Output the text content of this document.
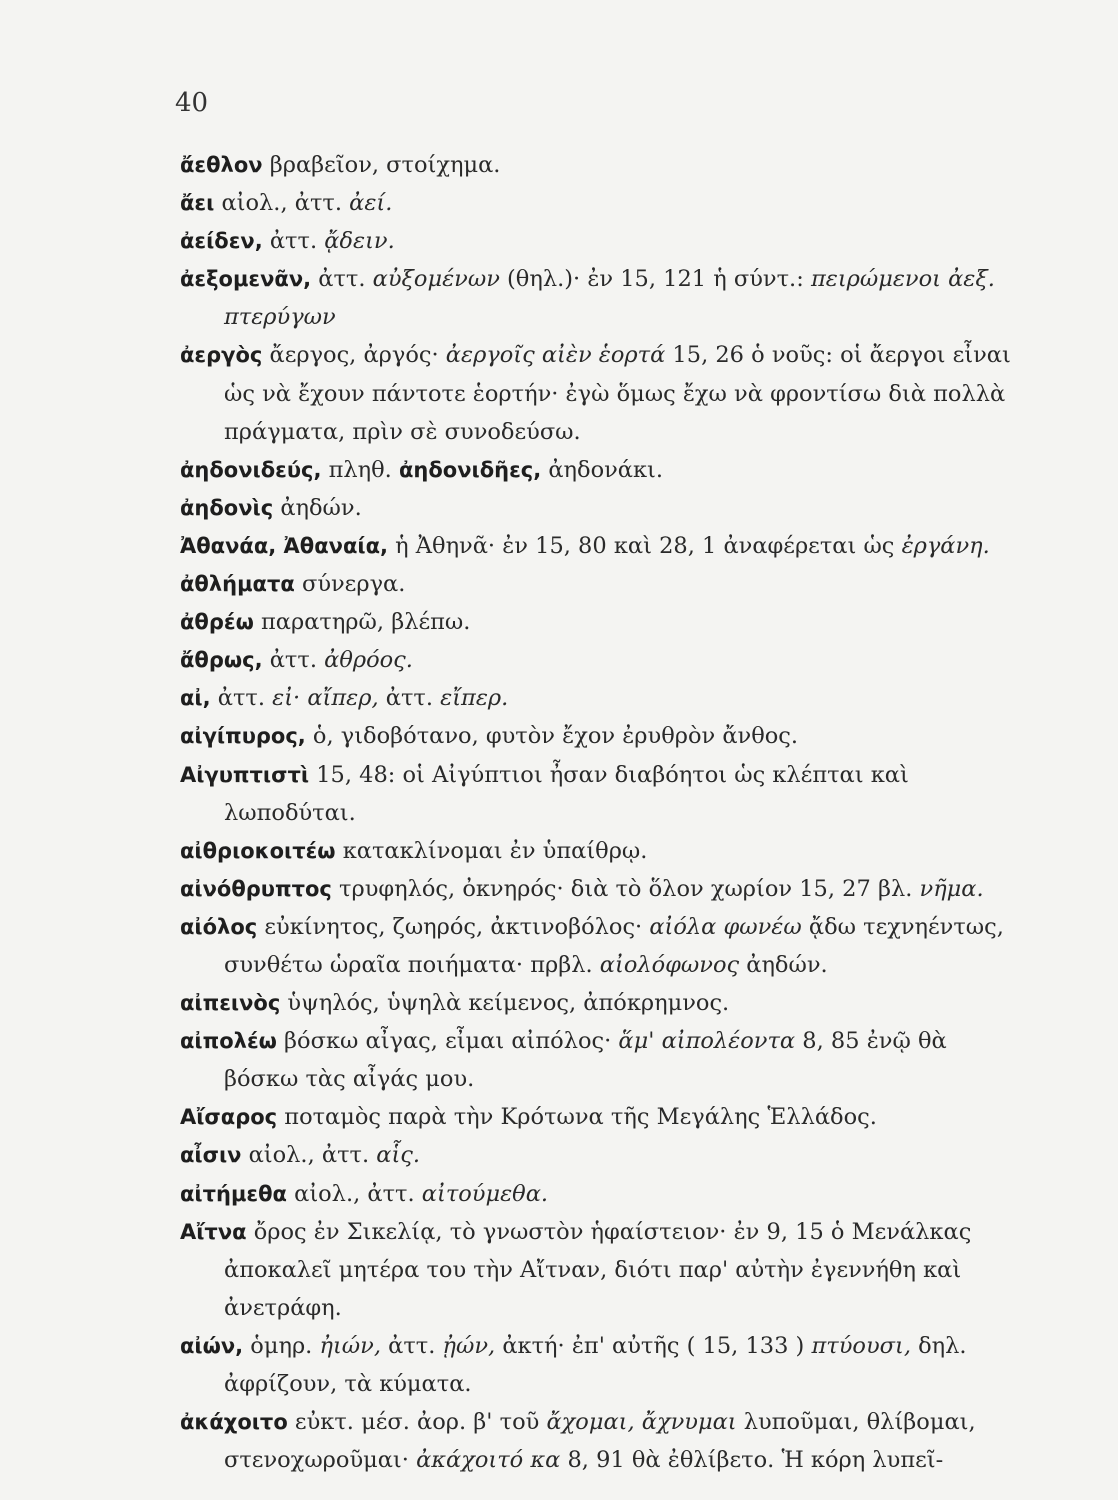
40

ἄεθλον βραβεῖον, στοίχημα.

ἄει αἰολ., ἀττ. ἀεί.

ἀείδεν, ἀττ. ᾄδειν.

ἀεξομενᾶν, ἀττ. αὐξομένων (θηλ.)· ἐν 15, 121 ἡ σύντ.: πειρώμενοι ἀεξ. πτερύγων

ἀεργὸς ἄεργος, ἀργός· ἀεργοῖς αἰὲν ἑορτά 15, 26 ὁ νοῦς: οἱ ἄεργοι εἶναι ὡς νὰ ἔχουν πάντοτε ἑορτήν· ἐγὼ ὅμως ἔχω νὰ φροντίσω διὰ πολλὰ πράγματα, πρὶν σὲ συνοδεύσω.

ἀηδονιδεύς, πληθ. ἀηδονιδῆες, ἀηδονάκι.

ἀηδονὶς ἀηδών.

Ἀθανάα, Ἀθαναία, ἡ Ἀθηνᾶ· ἐν 15, 80 καὶ 28, 1 ἀναφέρεται ὡς ἐργάνη.

ἀθλήματα σύνεργα.

ἀθρέω παρατηρῶ, βλέπω.

ἄθρως, ἀττ. ἀθρόος.

αἰ, ἀττ. εἰ· αἴπερ, ἀττ. εἴπερ.

αἰγίπυρος, ὁ, γιδοβότανο, φυτὸν ἔχον ἐρυθρὸν ἄνθος.

Αἰγυπτιστὶ 15, 48: οἱ Αἰγύπτιοι ἦσαν διαβόητοι ὡς κλέπται καὶ λωποδύται.

αἰθριοκοιτέω κατακλίνομαι ἐν ὑπαίθρῳ.

αἰνόθρυπτος τρυφηλός, ὀκνηρός· διὰ τὸ ὅλον χωρίον 15, 27 βλ. νῆμα.

αἰόλος εὐκίνητος, ζωηρός, ἀκτινοβόλος· αἰόλα φωνέω ᾄδω τεχνηέντως, συνθέτω ὡραῖα ποιήματα· πρβλ. αἰολόφωνος ἀηδών.

αἰπεινὸς ὑψηλός, ὑψηλὰ κείμενος, ἀπόκρημνος.

αἰπολέω βόσκω αἶγας, εἶμαι αἰπόλος· ἅμ' αἰπολέοντα 8, 85 ἐνῷ θὰ βόσκω τὰς αἶγάς μου.

Αἴσαρος ποταμὸς παρὰ τὴν Κρότωνα τῆς Μεγάλης Ἑλλάδος.

αἶσιν αἰολ., ἀττ. αἷς.

αἰτήμεθα αἰολ., ἀττ. αἰτούμεθα.

Αἴτνα ὄρος ἐν Σικελίᾳ, τὸ γνωστὸν ἡφαίστειον· ἐν 9, 15 ὁ Μενάλκας ἀποκαλεῖ μητέρα του τὴν Αἴτναν, διότι παρ' αὐτὴν ἐγεννήθη καὶ ἀνετράφη.

αἰών, ὁμηρ. ἠιών, ἀττ. ᾐών, ἀκτή· ἐπ' αὐτῆς ( 15, 133 ) πτύουσι, δηλ. ἀφρίζουν, τὰ κύματα.

ἀκάχοιτο εὐκτ. μέσ. ἀορ. β' τοῦ ἄχομαι, ἄχνυμαι λυποῦμαι, θλίβομαι, στενοχωροῦμαι· ἀκάχοιτό κα 8, 91 θὰ ἐθλίβετο. Ἡ κόρη λυπεῖ-
